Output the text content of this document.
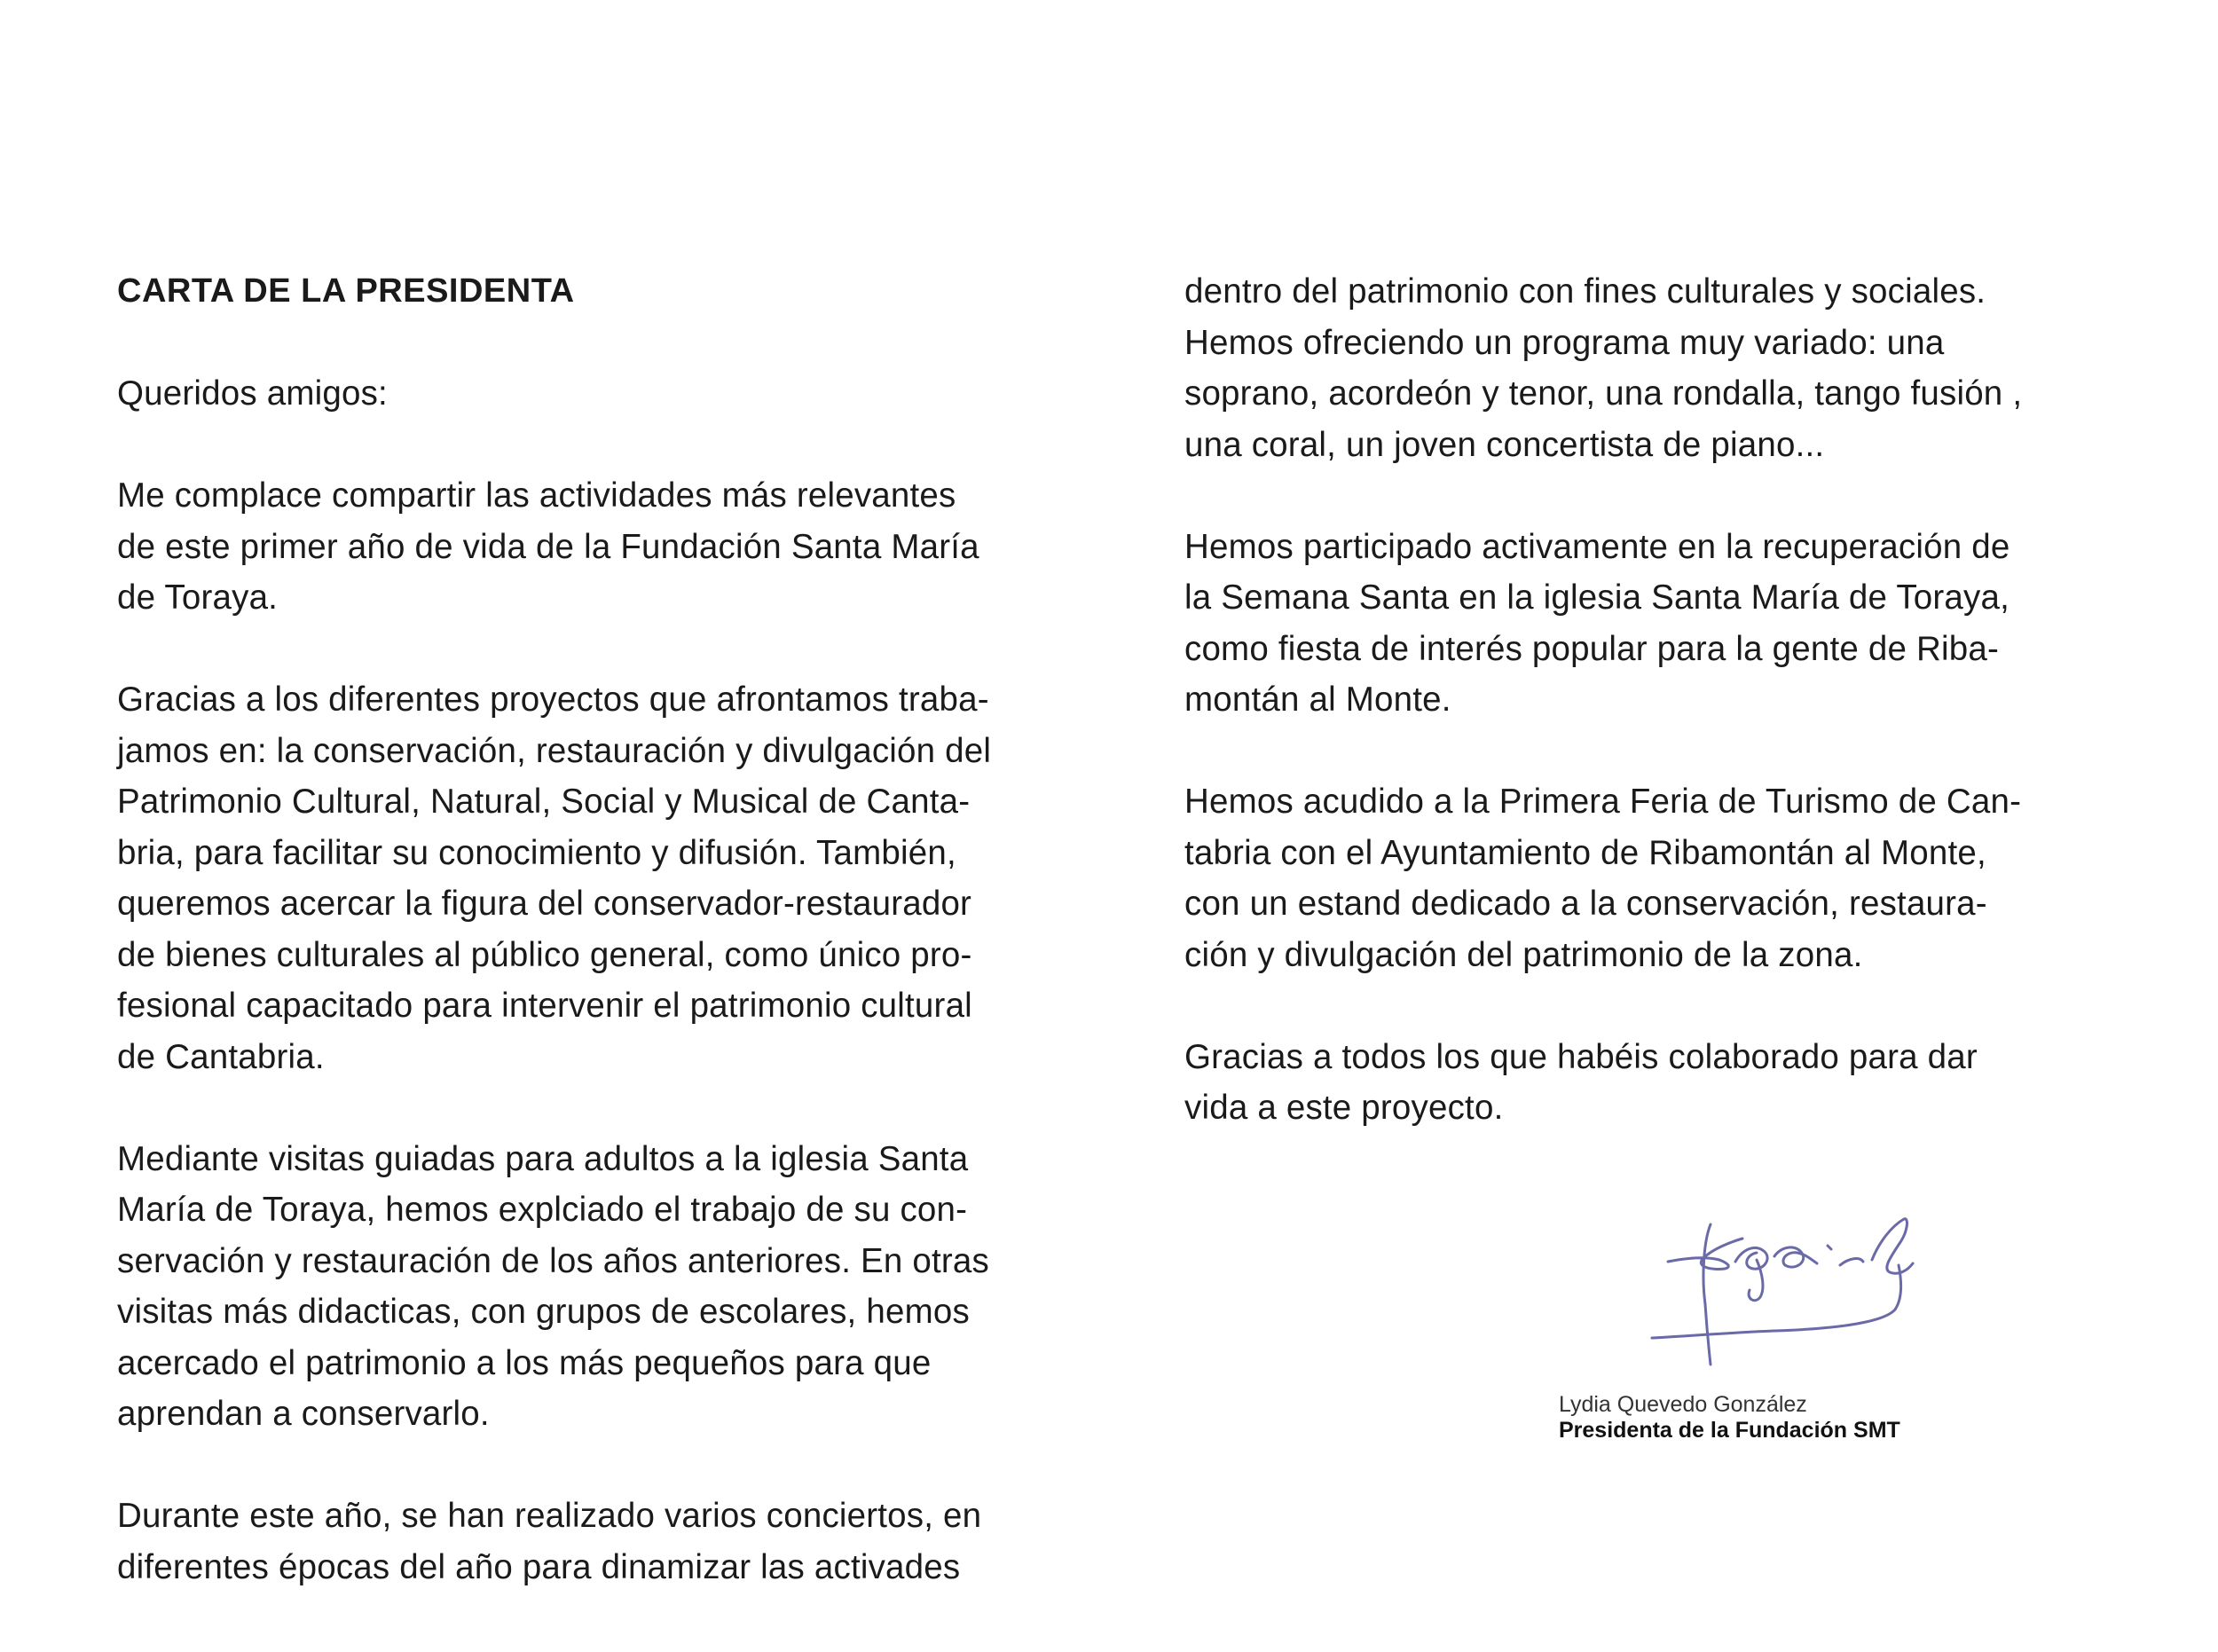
CARTA DE LA PRESIDENTA
Queridos amigos:
Me complace compartir las actividades más relevantes
de este primer año de vida de la Fundación Santa María
de Toraya.
Gracias a los diferentes proyectos que afrontamos traba-
jamos en: la conservación, restauración y divulgación del
Patrimonio Cultural, Natural, Social y Musical de Canta-
bria, para facilitar su conocimiento y difusión. También,
queremos acercar la figura del conservador-restaurador
de bienes culturales al público general, como único pro-
fesional capacitado para intervenir el patrimonio cultural
de Cantabria.
Mediante visitas guiadas para adultos a la iglesia Santa
María de Toraya, hemos explciado el trabajo de su con-
servación y restauración de los años anteriores. En otras
visitas más didacticas, con grupos de escolares, hemos
acercado el patrimonio a los más pequeños para que
aprendan a conservarlo.
Durante este año, se han realizado varios conciertos, en
diferentes épocas del año para dinamizar las activades
dentro del patrimonio con fines culturales y sociales.
Hemos ofreciendo un programa muy variado: una
soprano, acordeón y tenor, una rondalla, tango fusión ,
una coral, un joven concertista de piano...
Hemos participado activamente en la recuperación de
la Semana Santa en la iglesia Santa María de Toraya,
como fiesta de interés popular para la gente de Riba-
montán al Monte.
Hemos acudido a la Primera Feria de Turismo de Can-
tabria con el Ayuntamiento de Ribamontán al Monte,
con un estand dedicado a la conservación, restaura-
ción y divulgación del patrimonio de la zona.
Gracias a todos los que habéis colaborado para dar
vida a este proyecto.
Lydia Quevedo González
Presidenta de la Fundación SMT
